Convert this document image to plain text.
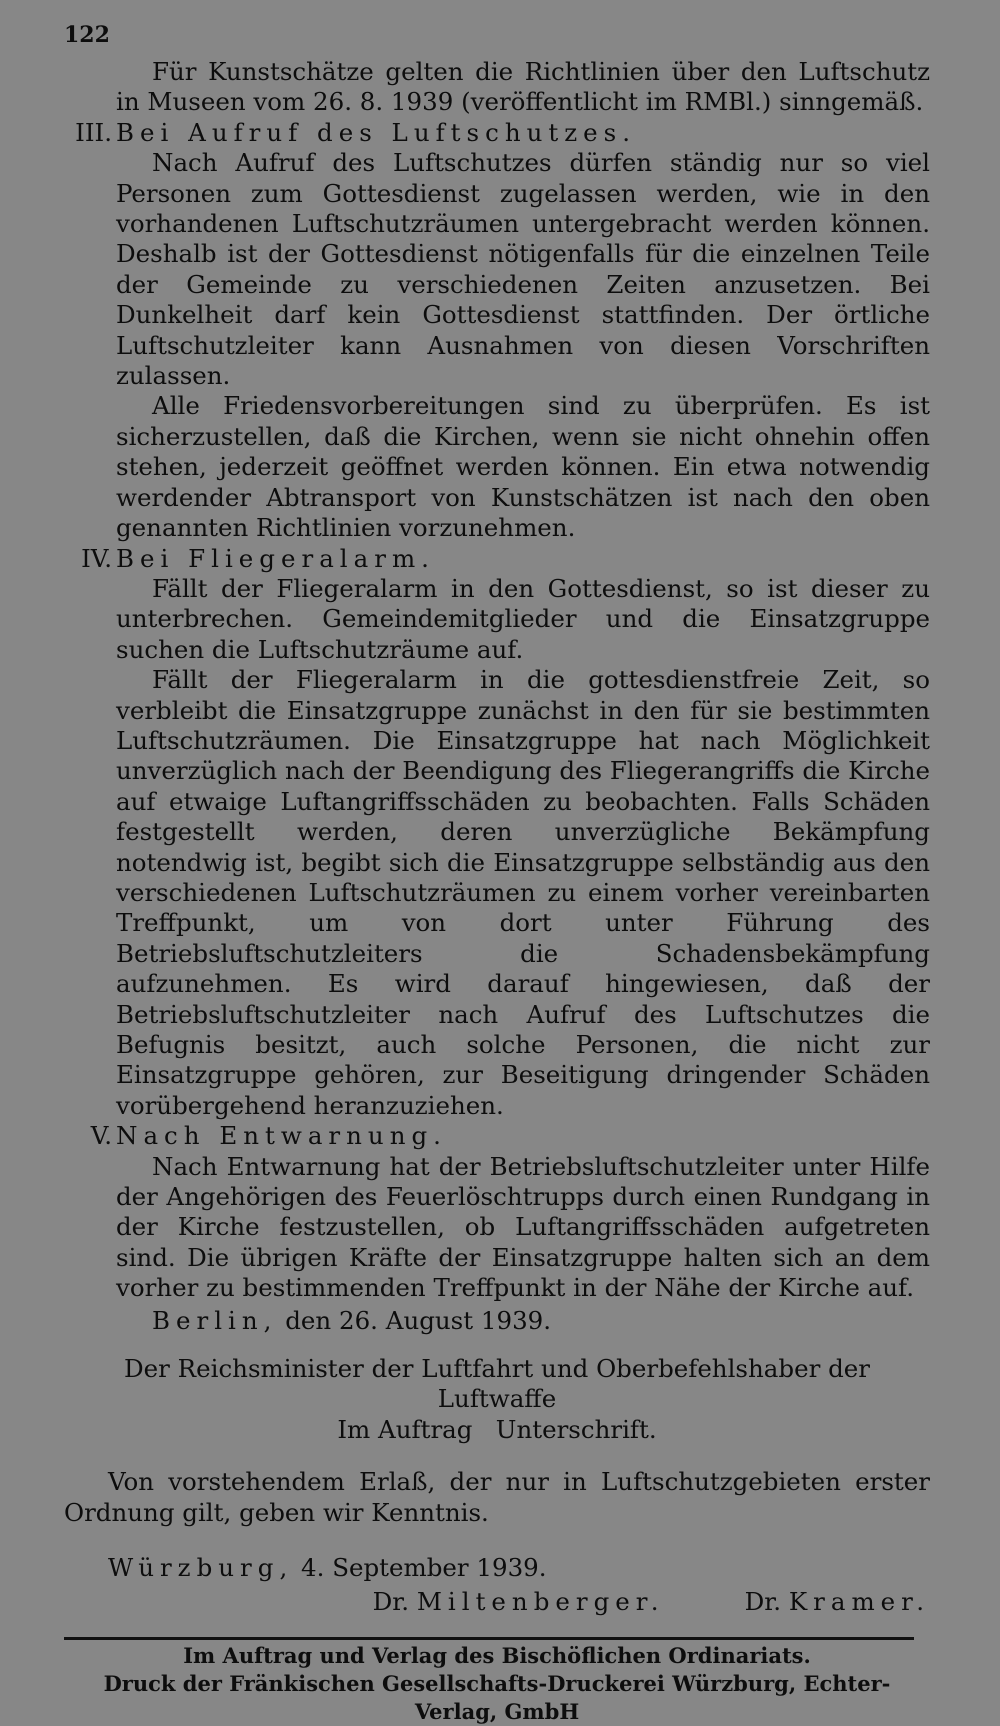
122

Für Kunstschätze gelten die Richtlinien über den Luftschutz in Museen vom 26. 8. 1939 (veröffentlicht im RMBl.) sinngemäß.

III. Bei Aufruf des Luftschutzes.

Nach Aufruf des Luftschutzes dürfen ständig nur so viel Personen zum Gottesdienst zugelassen werden, wie in den vorhandenen Luftschutzräumen untergebracht werden können. Deshalb ist der Gottesdienst nötigenfalls für die einzelnen Teile der Gemeinde zu verschiedenen Zeiten anzusetzen. Bei Dunkelheit darf kein Gottesdienst stattfinden. Der örtliche Luftschutzleiter kann Ausnahmen von diesen Vorschriften zulassen.

Alle Friedensvorbereitungen sind zu überprüfen. Es ist sicherzustellen, daß die Kirchen, wenn sie nicht ohnehin offen stehen, jederzeit geöffnet werden können. Ein etwa notwendig werdender Abtransport von Kunstschätzen ist nach den oben genannten Richtlinien vorzunehmen.

IV. Bei Fliegeralarm.

Fällt der Fliegeralarm in den Gottesdienst, so ist dieser zu unterbrechen. Gemeindemitglieder und die Einsatzgruppe suchen die Luftschutzräume auf.

Fällt der Fliegeralarm in die gottesdienstfreie Zeit, so verbleibt die Einsatzgruppe zunächst in den für sie bestimmten Luftschutzräumen. Die Einsatzgruppe hat nach Möglichkeit unverzüglich nach der Beendigung des Fliegerangriffs die Kirche auf etwaige Luftangriffsschäden zu beobachten. Falls Schäden festgestellt werden, deren unverzügliche Bekämpfung notendwig ist, begibt sich die Einsatzgruppe selbständig aus den verschiedenen Luftschutzräumen zu einem vorher vereinbarten Treffpunkt, um von dort unter Führung des Betriebsluftschutzleiters die Schadensbekämpfung aufzunehmen. Es wird darauf hingewiesen, daß der Betriebsluftschutzleiter nach Aufruf des Luftschutzes die Befugnis besitzt, auch solche Personen, die nicht zur Einsatzgruppe gehören, zur Beseitigung dringender Schäden vorübergehend heranzuziehen.

V. Nach Entwarnung.

Nach Entwarnung hat der Betriebsluftschutzleiter unter Hilfe der Angehörigen des Feuerlöschtrupps durch einen Rundgang in der Kirche festzustellen, ob Luftangriffsschäden aufgetreten sind. Die übrigen Kräfte der Einsatzgruppe halten sich an dem vorher zu bestimmenden Treffpunkt in der Nähe der Kirche auf.

Berlin, den 26. August 1939.
Der Reichsminister der Luftfahrt und Oberbefehlshaber der Luftwaffe
Im Auftrag   Unterschrift.

Von vorstehendem Erlaß, der nur in Luftschutzgebieten erster Ordnung gilt, geben wir Kenntnis.

Würzburg, 4. September 1939.
Dr. Miltenberger.	Dr. Kramer.
Im Auftrag und Verlag des Bischöflichen Ordinariats.
Druck der Fränkischen Gesellschafts-Druckerei Würzburg, Echter-Verlag, GmbH
